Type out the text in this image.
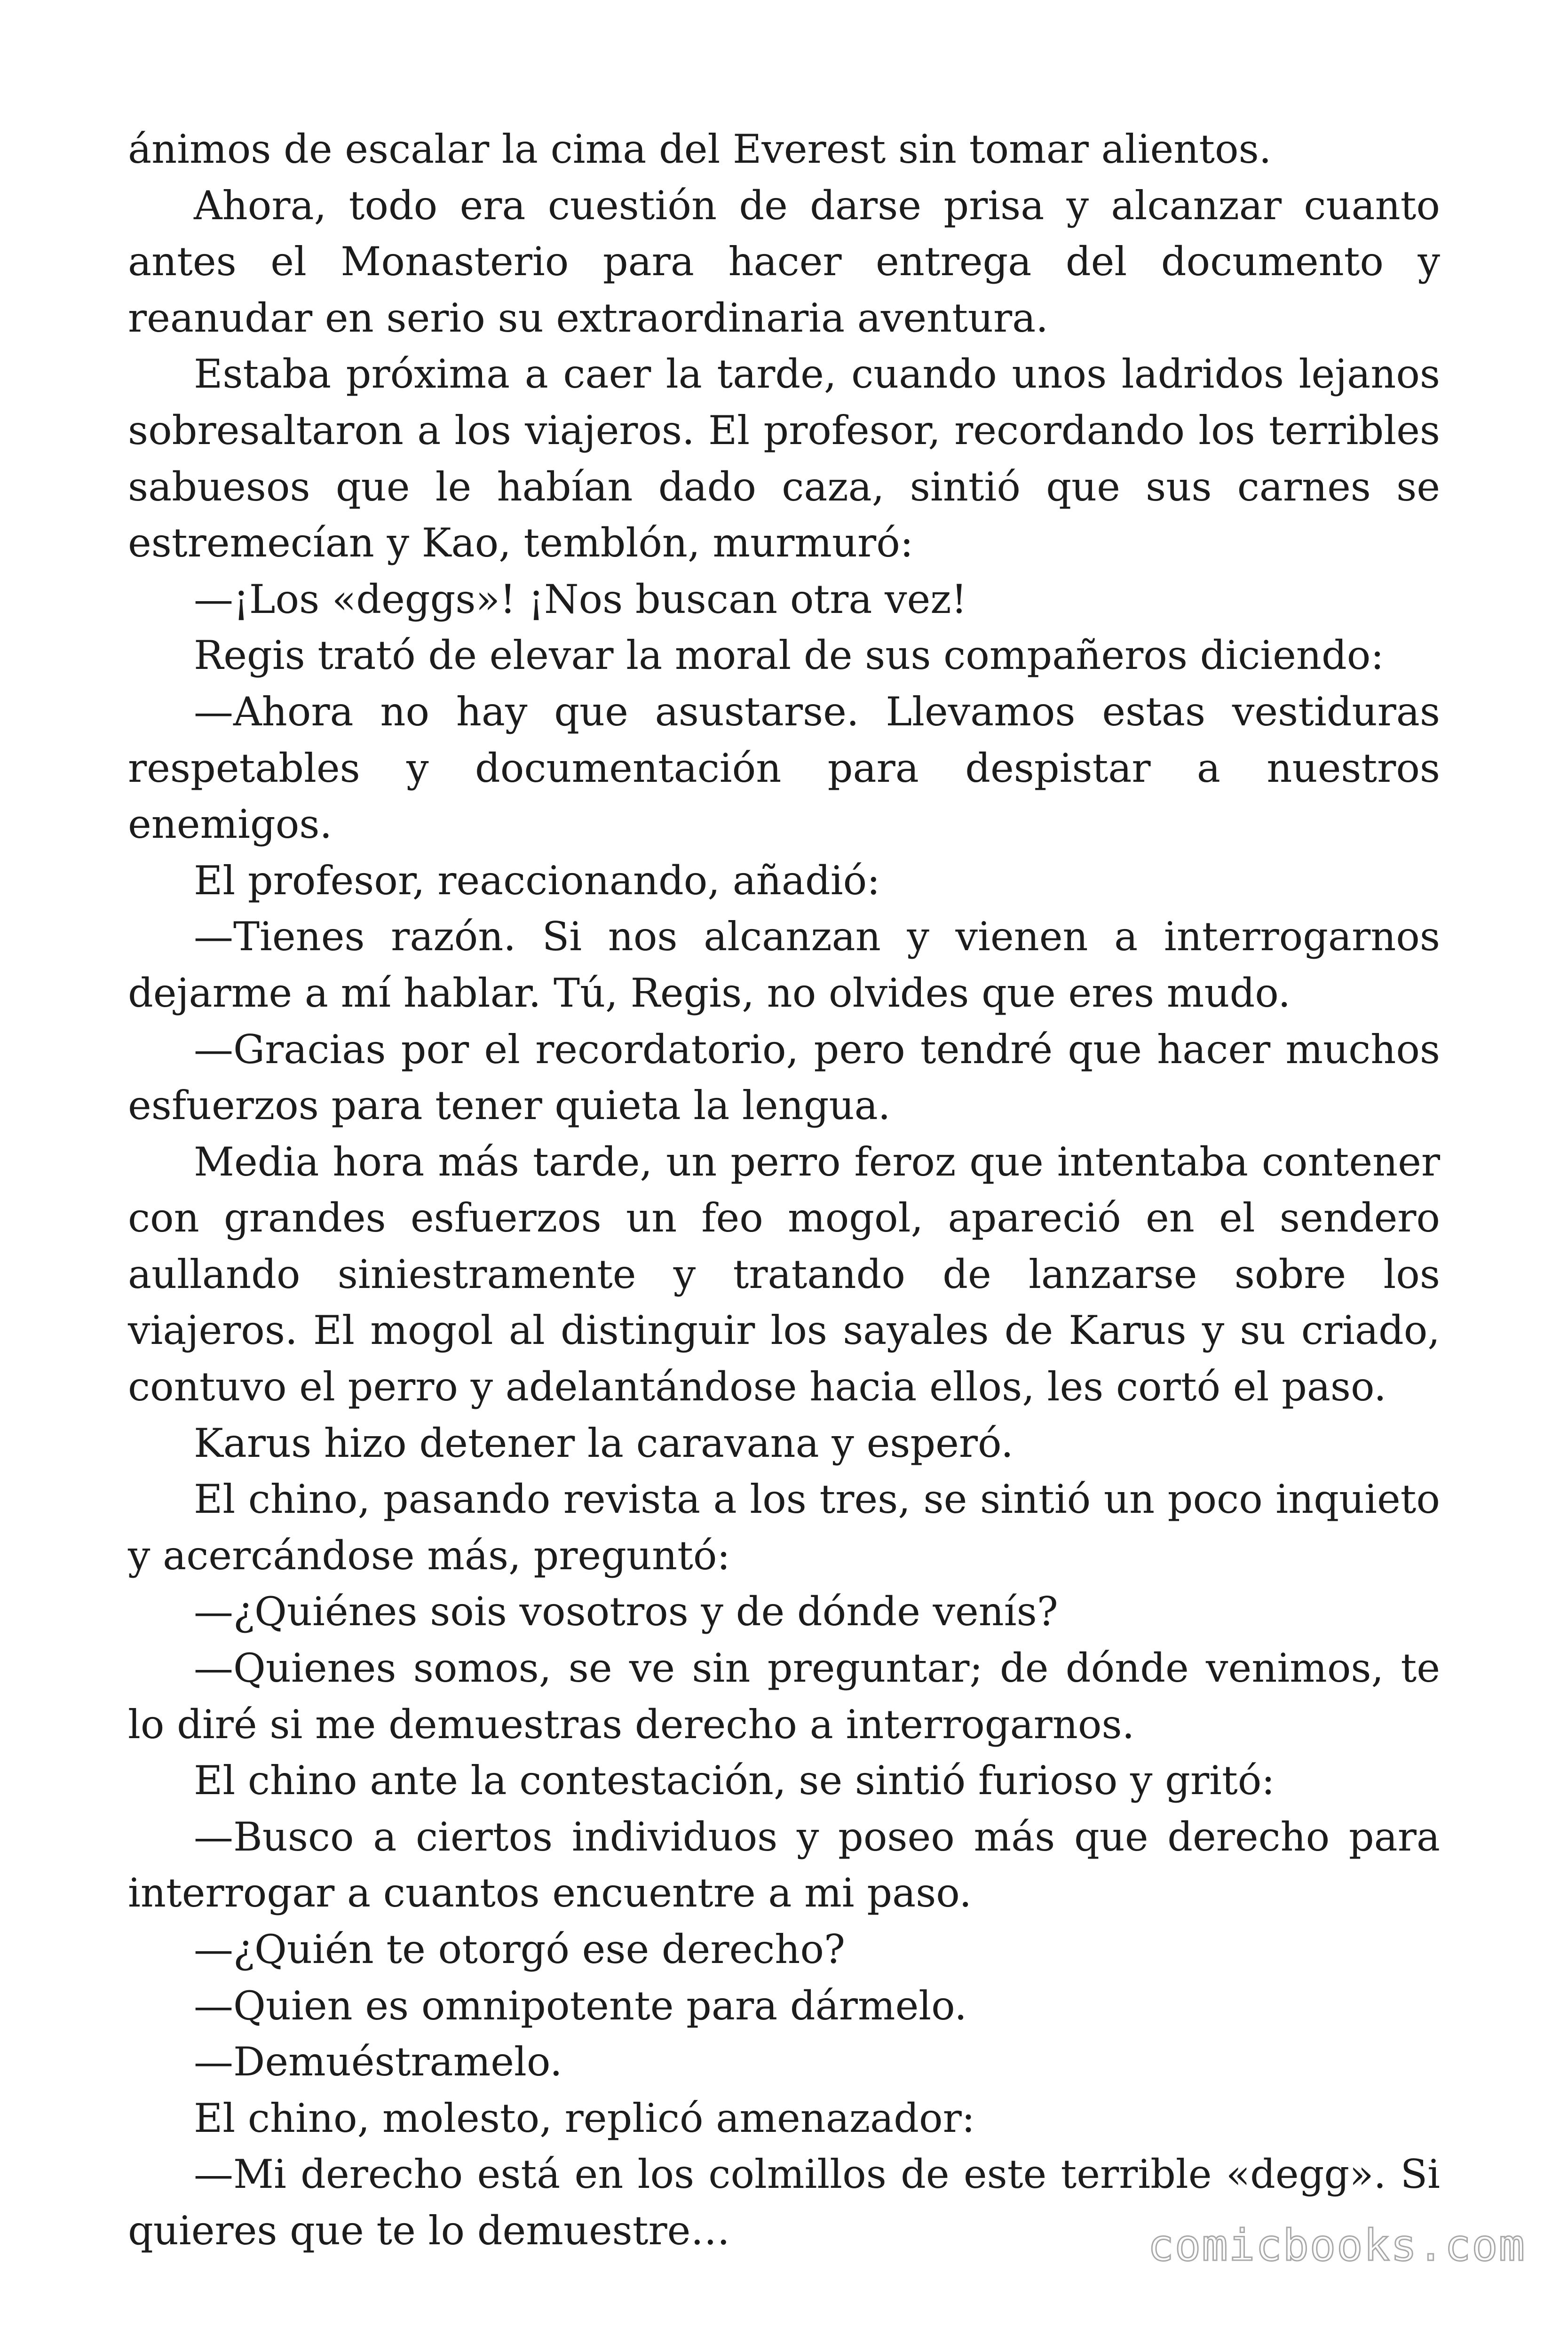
ánimos de escalar la cima del Everest sin tomar alientos.

Ahora, todo era cuestión de darse prisa y alcanzar cuanto antes el Monasterio para hacer entrega del documento y reanudar en serio su extraordinaria aventura.

Estaba próxima a caer la tarde, cuando unos ladridos lejanos sobresaltaron a los viajeros. El profesor, recordando los terribles sabuesos que le habían dado caza, sintió que sus carnes se estremecían y Kao, temblón, murmuró:

—¡Los «deggs»! ¡Nos buscan otra vez!

Regis trató de elevar la moral de sus compañeros diciendo:

—Ahora no hay que asustarse. Llevamos estas vestiduras respetables y documentación para despistar a nuestros enemigos.

El profesor, reaccionando, añadió:

—Tienes razón. Si nos alcanzan y vienen a interrogarnos dejarme a mí hablar. Tú, Regis, no olvides que eres mudo.

—Gracias por el recordatorio, pero tendré que hacer muchos esfuerzos para tener quieta la lengua.

Media hora más tarde, un perro feroz que intentaba contener con grandes esfuerzos un feo mogol, apareció en el sendero aullando siniestramente y tratando de lanzarse sobre los viajeros. El mogol al distinguir los sayales de Karus y su criado, contuvo el perro y adelantándose hacia ellos, les cortó el paso.

Karus hizo detener la caravana y esperó.

El chino, pasando revista a los tres, se sintió un poco inquieto y acercándose más, preguntó:

—¿Quiénes sois vosotros y de dónde venís?

—Quienes somos, se ve sin preguntar; de dónde venimos, te lo diré si me demuestras derecho a interrogarnos.

El chino ante la contestación, se sintió furioso y gritó:

—Busco a ciertos individuos y poseo más que derecho para interrogar a cuantos encuentre a mi paso.

—¿Quién te otorgó ese derecho?

—Quien es omnipotente para dármelo.

—Demuéstramelo.

El chino, molesto, replicó amenazador:

—Mi derecho está en los colmillos de este terrible «degg». Si quieres que te lo demuestre…	comicbooks.com
